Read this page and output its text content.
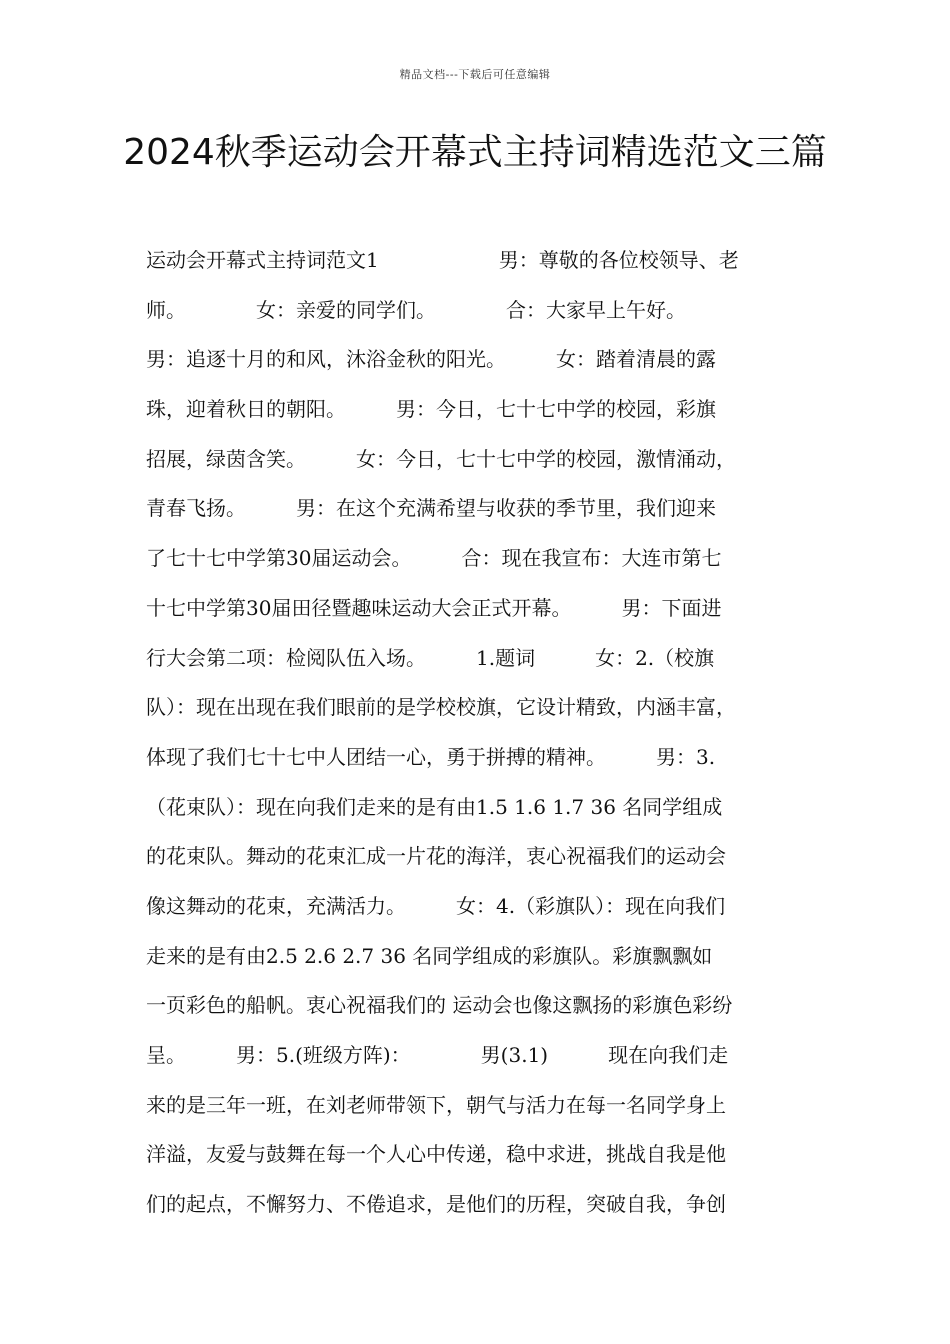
精品文档---下载后可任意编辑
2024秋季运动会开幕式主持词精选范文三篇
运动会开幕式主持词范文1　　　　　　男：尊敬的各位校领导、老
师。　　　　女：亲爱的同学们。　　　　合：大家早上午好。
男：追逐十月的和风，沐浴金秋的阳光。　　　女：踏着清晨的露
珠，迎着秋日的朝阳。　　　男：今日，七十七中学的校园，彩旗
招展，绿茵含笑。　　　女：今日，七十七中学的校园，激情涌动，
青春飞扬。　　　男：在这个充满希望与收获的季节里，我们迎来
了七十七中学第30届运动会。　　　合：现在我宣布：大连市第七
十七中学第30届田径暨趣味运动大会正式开幕。　　　男：下面进
行大会第二项：检阅队伍入场。　　　1.题词　　　女：2.（校旗
队）：现在出现在我们眼前的是学校校旗，它设计精致，内涵丰富，
体现了我们七十七中人团结一心，勇于拼搏的精神。　　　男：3.
（花束队）：现在向我们走来的是有由1.5 1.6 1.7 36 名同学组成
的花束队。舞动的花束汇成一片花的海洋，衷心祝福我们的运动会
像这舞动的花束，充满活力。　　　女：4.（彩旗队）：现在向我们
走来的是有由2.5 2.6 2.7 36 名同学组成的彩旗队。彩旗飘飘如
一页彩色的船帆。衷心祝福我们的 运动会也像这飘扬的彩旗色彩纷
呈。　　　男：5.(班级方阵)：　　　　男(3.1)　　　现在向我们走
来的是三年一班，在刘老师带领下，朝气与活力在每一名同学身上
洋溢，友爱与鼓舞在每一个人心中传递，稳中求进，挑战自我是他
们的起点，不懈努力、不倦追求，是他们的历程，突破自我，争创
